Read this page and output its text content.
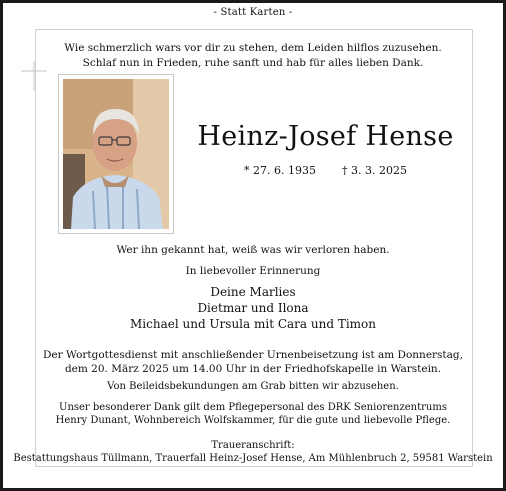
- Statt Karten -
Wie schmerzlich wars vor dir zu stehen, dem Leiden hilflos zuzusehen.
Schlaf nun in Frieden, ruhe sanft und hab für alles lieben Dank.
Heinz-Josef Hense
* 27. 6. 1935 † 3. 3. 2025
Wer ihn gekannt hat, weiß was wir verloren haben.
In liebevoller Erinnerung
Deine Marlies
Dietmar und Ilona
Michael und Ursula mit Cara und Timon
Der Wortgottesdienst mit anschließender Urnenbeisetzung ist am Donnerstag,
dem 20. März 2025 um 14.00 Uhr in der Friedhofskapelle in Warstein.
Von Beileidsbekundungen am Grab bitten wir abzusehen.
Unser besonderer Dank gilt dem Pflegepersonal des DRK Seniorenzentrums
Henry Dunant, Wohnbereich Wolfskammer, für die gute und liebevolle Pflege.
Traueranschrift:
Bestattungshaus Tüllmann, Trauerfall Heinz-Josef Hense, Am Mühlenbruch 2, 59581 Warstein
